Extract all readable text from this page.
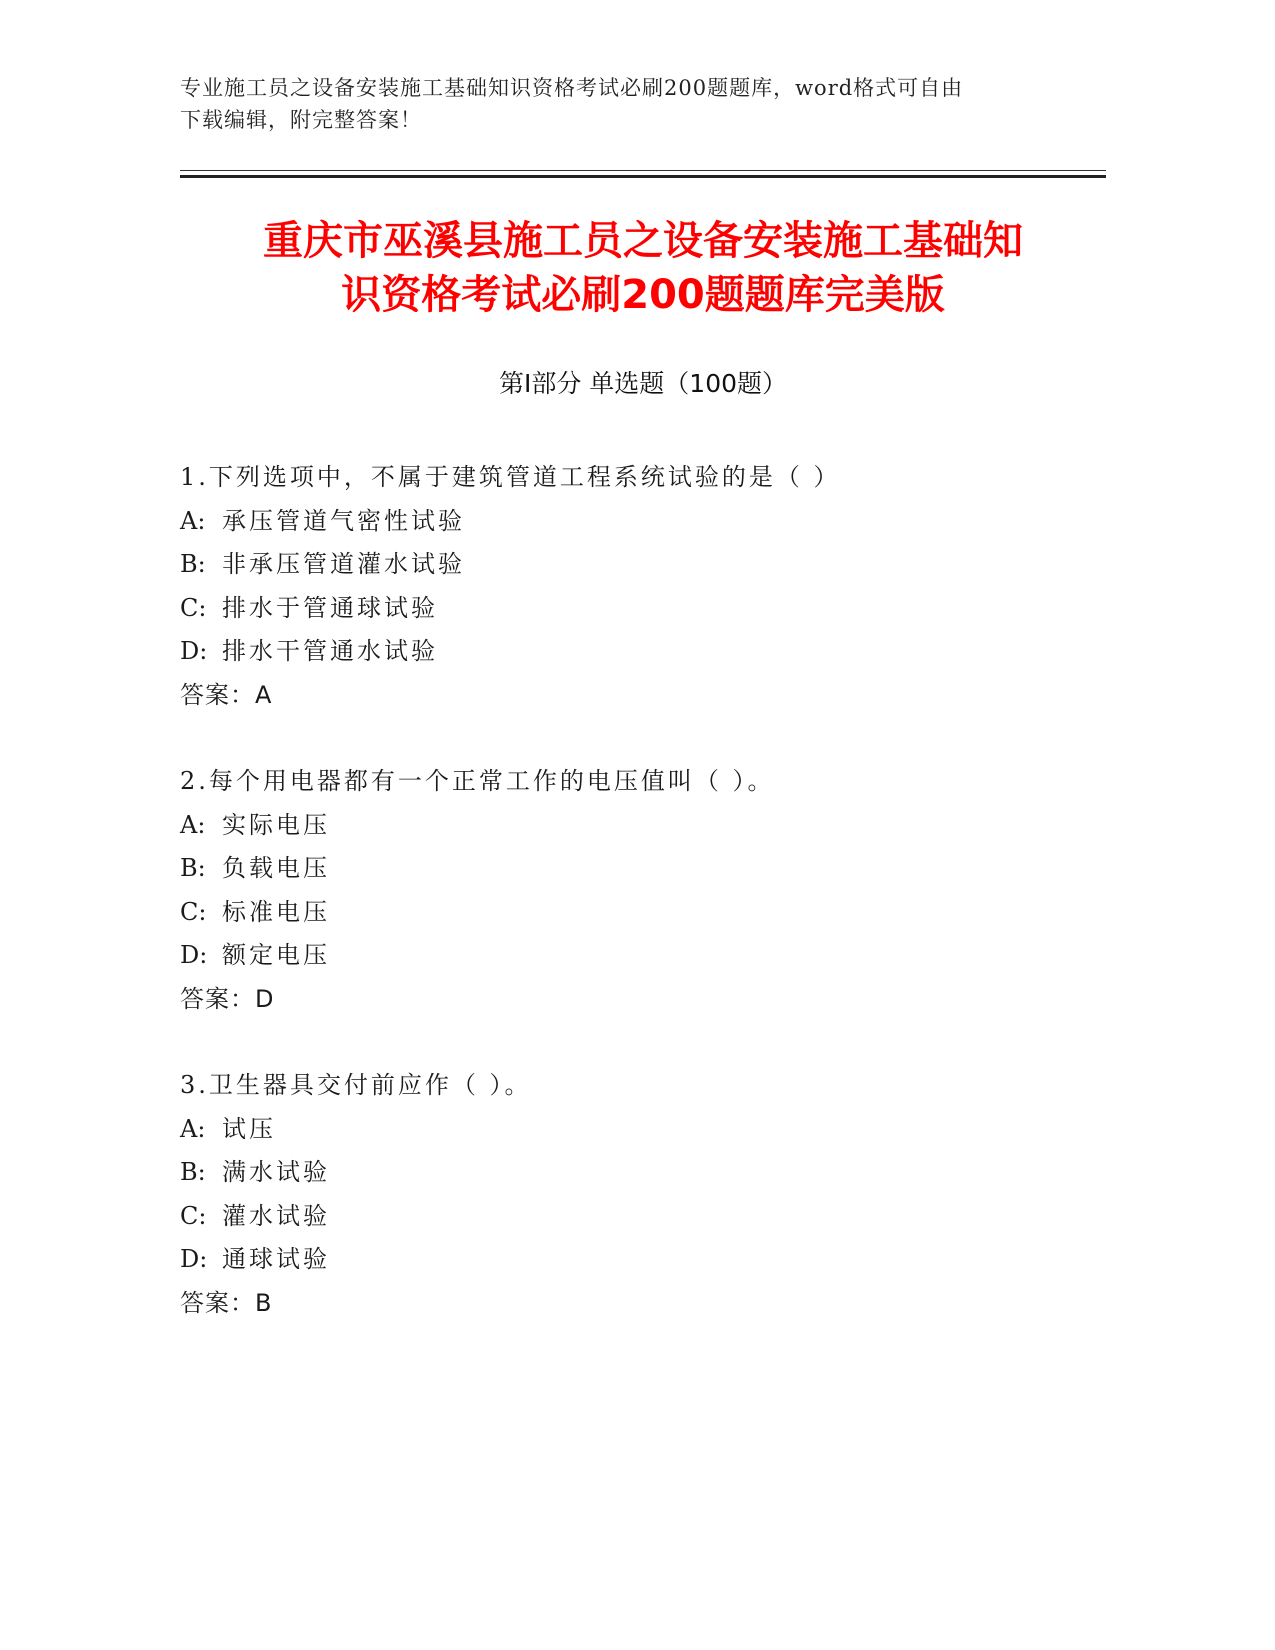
专业施工员之设备安装施工基础知识资格考试必刷200题题库，word格式可自由
下载编辑，附完整答案！
重庆市巫溪县施工员之设备安装施工基础知
识资格考试必刷200题题库完美版
第Ⅰ部分 单选题（100题）
1.下列选项中，不属于建筑管道工程系统试验的是（ ）
A: 承压管道气密性试验
B: 非承压管道灌水试验
C: 排水于管通球试验
D: 排水干管通水试验
答案：A
2.每个用电器都有一个正常工作的电压值叫（ ）。
A: 实际电压
B: 负载电压
C: 标准电压
D: 额定电压
答案：D
3.卫生器具交付前应作（ ）。
A: 试压
B: 满水试验
C: 灌水试验
D: 通球试验
答案：B
